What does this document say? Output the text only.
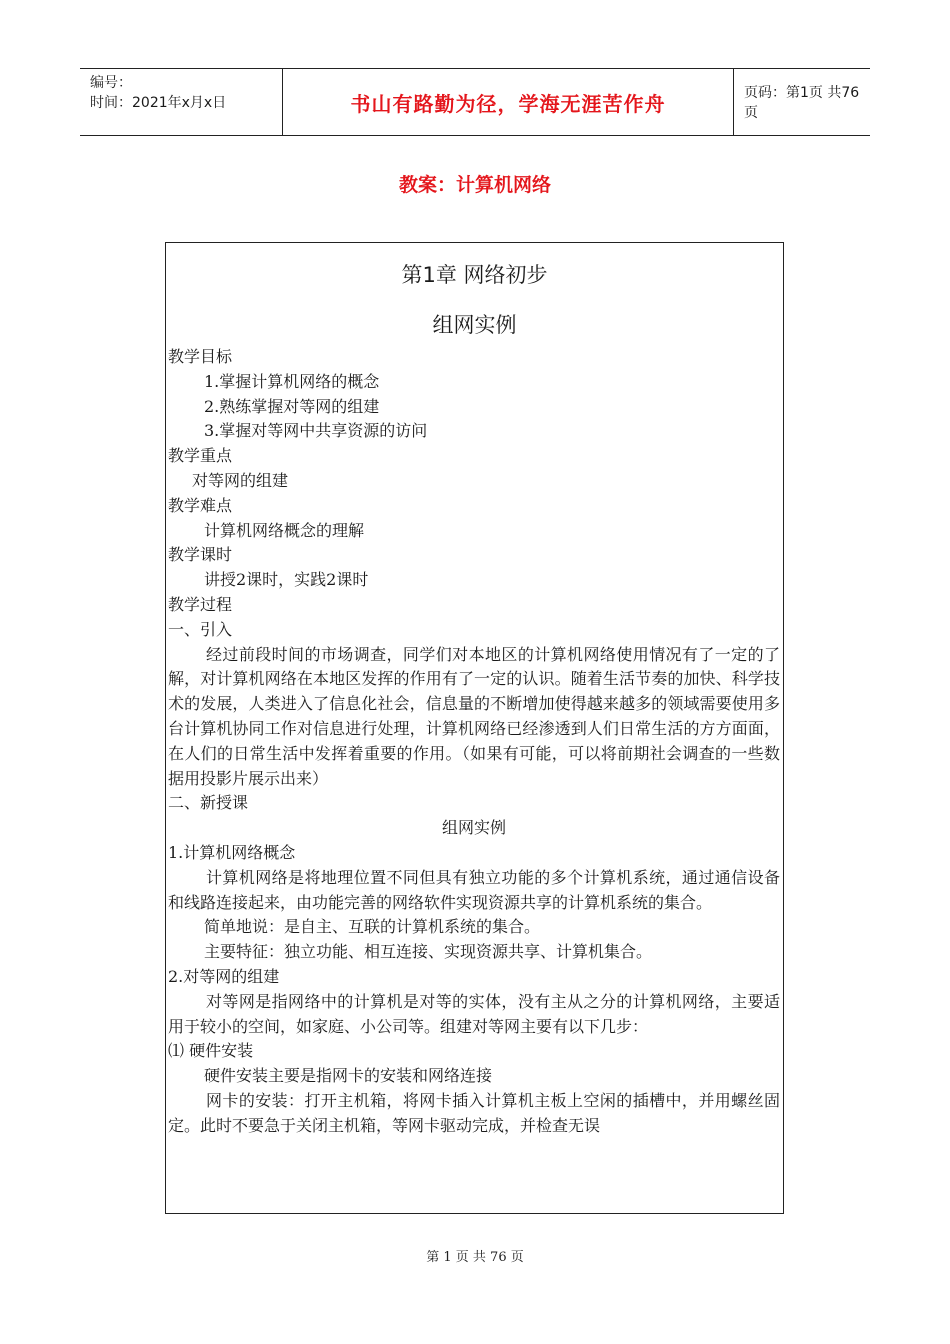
编号：
时间：2021年x月x日	书山有路勤为径，学海无涯苦作舟	页码：第1页 共76页
教案：计算机网络
第1章 网络初步
组网实例

教学目标

1.掌握计算机网络的概念

2.熟练掌握对等网的组建

3.掌握对等网中共享资源的访问

教学重点

对等网的组建

教学难点

计算机网络概念的理解

教学课时

讲授2课时，实践2课时

教学过程

一、引入

经过前段时间的市场调查，同学们对本地区的计算机网络使用情况有了一定的了解，对计算机网络在本地区发挥的作用有了一定的认识。随着生活节奏的加快、科学技术的发展，人类进入了信息化社会，信息量的不断增加使得越来越多的领域需要使用多台计算机协同工作对信息进行处理，计算机网络已经渗透到人们日常生活的方方面面，在人们的日常生活中发挥着重要的作用。（如果有可能，可以将前期社会调查的一些数据用投影片展示出来）

二、新授课

组网实例

1.计算机网络概念

计算机网络是将地理位置不同但具有独立功能的多个计算机系统，通过通信设备和线路连接起来，由功能完善的网络软件实现资源共享的计算机系统的集合。

简单地说：是自主、互联的计算机系统的集合。

主要特征：独立功能、相互连接、实现资源共享、计算机集合。

2.对等网的组建

对等网是指网络中的计算机是对等的实体，没有主从之分的计算机网络，主要适用于较小的空间，如家庭、小公司等。组建对等网主要有以下几步：

⑴ 硬件安装

硬件安装主要是指网卡的安装和网络连接

网卡的安装：打开主机箱，将网卡插入计算机主板上空闲的插槽中，并用螺丝固定。此时不要急于关闭主机箱，等网卡驱动完成，并检查无误

第 1 页 共 76 页
